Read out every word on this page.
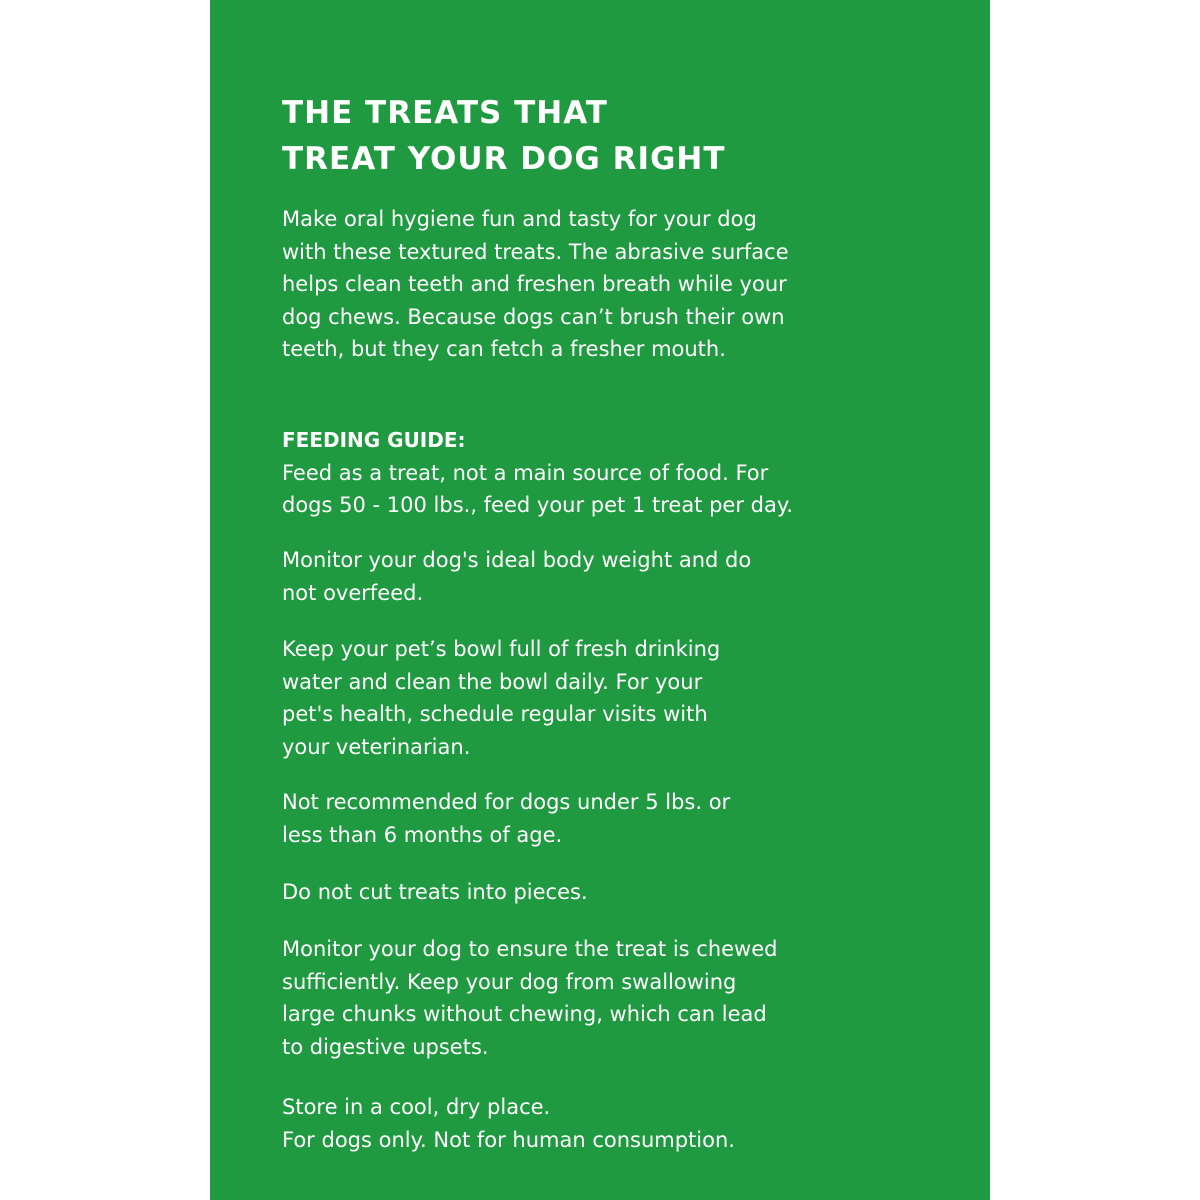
THE TREATS THAT
TREAT YOUR DOG RIGHT

Make oral hygiene fun and tasty for your dog
with these textured treats. The abrasive surface
helps clean teeth and freshen breath while your
dog chews. Because dogs can’t brush their own
teeth, but they can fetch a fresher mouth.

FEEDING GUIDE:
Feed as a treat, not a main source of food. For
dogs 50 - 100 lbs., feed your pet 1 treat per day.

Monitor your dog's ideal body weight and do
not overfeed.

Keep your pet’s bowl full of fresh drinking
water and clean the bowl daily. For your
pet's health, schedule regular visits with
your veterinarian.

Not recommended for dogs under 5 lbs. or
less than 6 months of age.

Do not cut treats into pieces.

Monitor your dog to ensure the treat is chewed
sufficiently. Keep your dog from swallowing
large chunks without chewing, which can lead
to digestive upsets.

Store in a cool, dry place.
For dogs only. Not for human consumption.
